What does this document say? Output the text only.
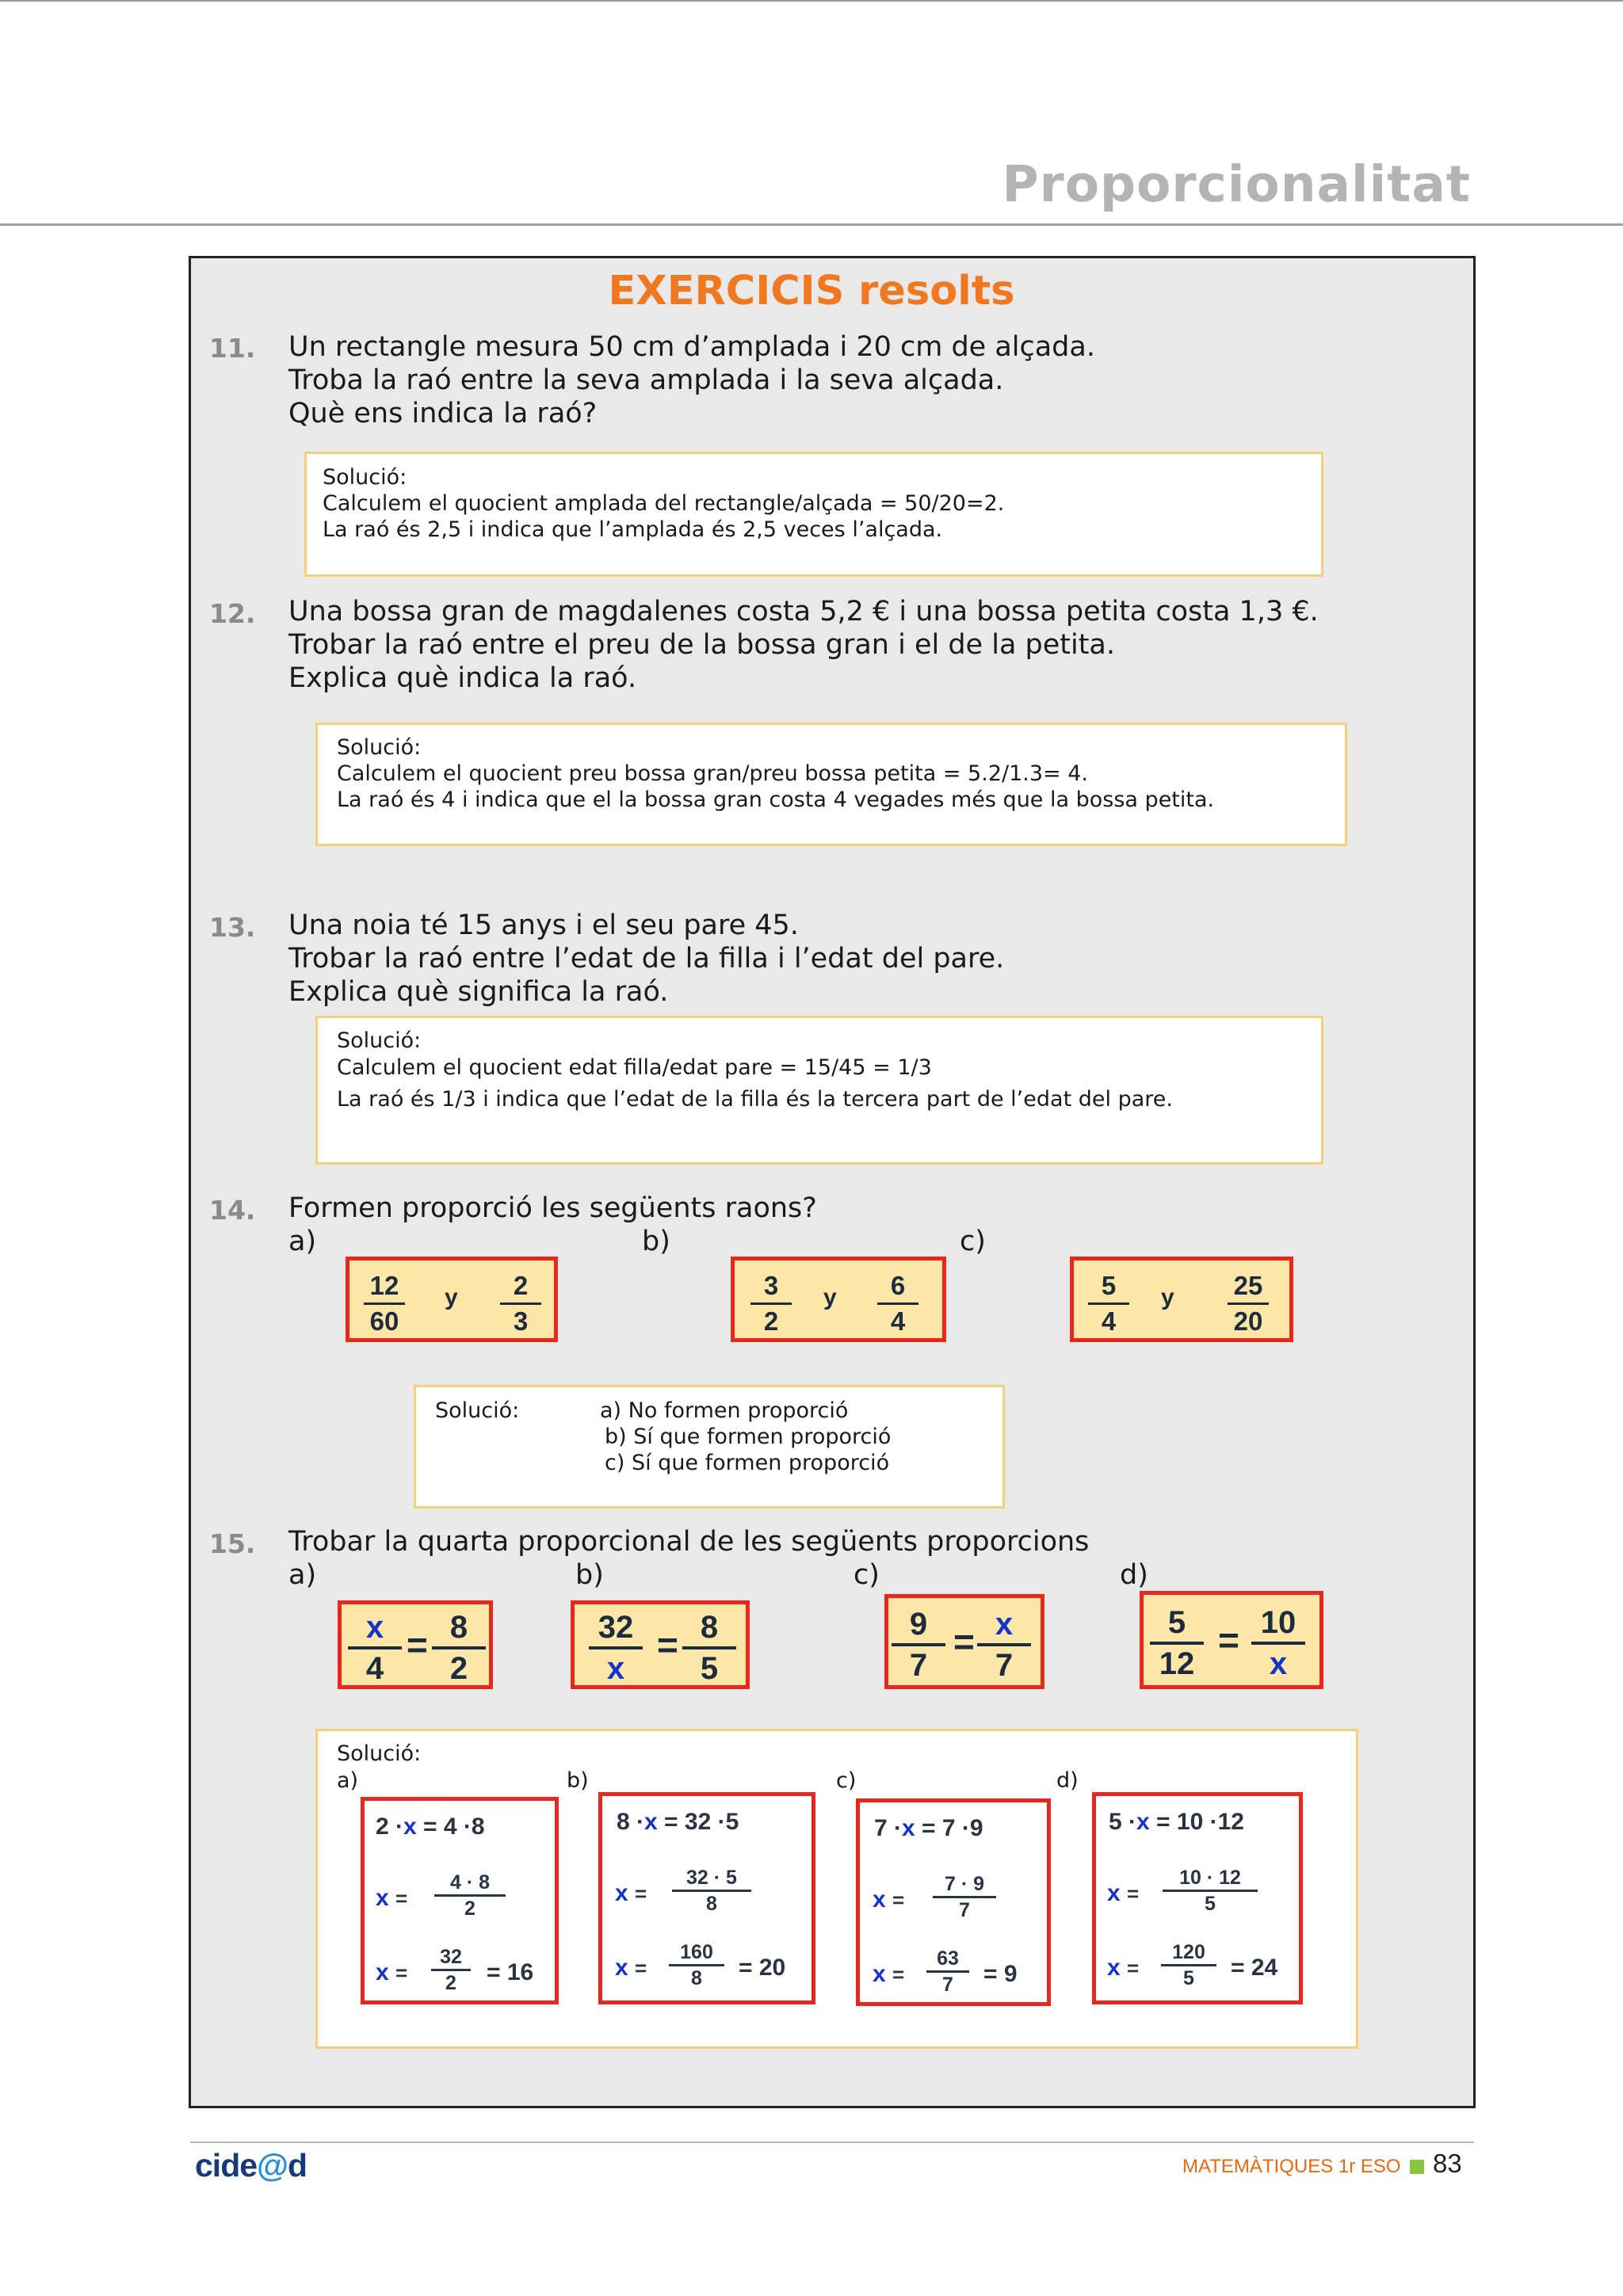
Proporcionalitat
EXERCICIS resolts
11. Un rectangle mesura 50 cm d’amplada i 20 cm de alçada.
Troba la raó entre la seva amplada i la seva alçada.
Què ens indica la raó?
Solució:
Calculem el quocient amplada del rectangle/alçada = 50/20=2.
La raó és 2,5 i indica que l’amplada és 2,5 veces l’alçada.
12. Una bossa gran de magdalenes costa 5,2 € i una bossa petita costa 1,3 €.
Trobar la raó entre el preu de la bossa gran i el de la petita.
Explica què indica la raó.
Solució:
Calculem el quocient preu bossa gran/preu bossa petita = 5.2/1.3= 4.
La raó és 4 i indica que el la bossa gran costa 4 vegades més que la bossa petita.
13. Una noia té 15 anys i el seu pare 45.
Trobar la raó entre l’edat de la filla i l’edat del pare.
Explica què significa la raó.
Solució:
Calculem el quocient edat filla/edat pare = 15/45 = 1/3
La raó és 1/3 i indica que l’edat de la filla és la tercera part de l’edat del pare.
14. Formen proporció les següents raons?
a)	b)	c)
12
60
y	2
3
3
2
y	6
4
5
4
y	25
20
Solució:	a) No formen proporció
b) Sí que formen proporció
c) Sí que formen proporció
15. Trobar la quarta proporcional de les següents proporcions
a)	b)	c)	d)
x
4
= 8
2
32
x
= 8
5
9
7
= x
7
5
12
= 10
x
Solució:
a)	b)	c)	d)
2 ·x = 4 ·8
x =
4 · 8
2
x =
32
2	= 16
8 ·x = 32 ·5
x =
32 · 5
8
x =
160
8	= 20
7 ·x = 7 ·9
x =
7 · 9
7
x =
63
7	= 9
5 ·x = 10 ·12
x =
10 · 12
5
x =
120
5	= 24
cide@d	MATEMÀTIQUES 1r ESO 83
